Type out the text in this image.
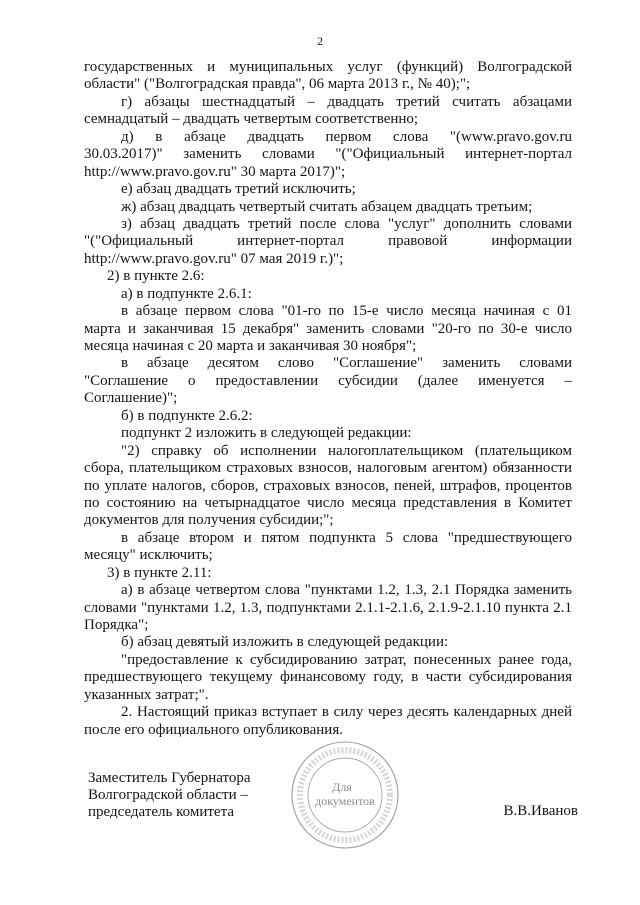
2
государственных и муниципальных услуг (функций) Волгоградской
области" ("Волгоградская правда", 06 марта 2013 г., № 40);";
г) абзацы шестнадцатый – двадцать третий считать абзацами
семнадцатый – двадцать четвертым соответственно;
д) в абзаце двадцать первом слова "(www.pravo.gov.ru
30.03.2017)" заменить словами "("Официальный интернет-портал
http://www.pravo.gov.ru" 30 марта 2017)";
е) абзац двадцать третий исключить;
ж) абзац двадцать четвертый считать абзацем двадцать третьим;
з) абзац двадцать третий после слова "услуг" дополнить словами
"("Официальный интернет-портал правовой информации
http://www.pravo.gov.ru" 07 мая 2019 г.)";
2) в пункте 2.6:
а) в подпункте 2.6.1:
в абзаце первом слова "01-го по 15-е число месяца начиная с 01
марта и заканчивая 15 декабря" заменить словами "20-го по 30-е число
месяца начиная с 20 марта и заканчивая 30 ноября";
в абзаце десятом слово "Соглашение" заменить словами
"Соглашение о предоставлении субсидии (далее именуется –
Соглашение)";
б) в подпункте 2.6.2:
подпункт 2 изложить в следующей редакции:
"2) справку об исполнении налогоплательщиком (плательщиком
сбора, плательщиком страховых взносов, налоговым агентом) обязанности
по уплате налогов, сборов, страховых взносов, пеней, штрафов, процентов
по состоянию на четырнадцатое число месяца представления в Комитет
документов для получения субсидии;";
в абзаце втором и пятом подпункта 5 слова "предшествующего
месяцу" исключить;
3) в пункте 2.11:
а) в абзаце четвертом слова "пунктами 1.2, 1.3, 2.1 Порядка заменить
словами "пунктами 1.2, 1.3, подпунктами 2.1.1-2.1.6, 2.1.9-2.1.10 пункта 2.1
Порядка";
б) абзац девятый изложить в следующей редакции:
"предоставление к субсидированию затрат, понесенных ранее года,
предшествующего текущему финансовому году, в части субсидирования
указанных затрат;".
2. Настоящий приказ вступает в силу через десять календарных дней
после его официального опубликования.
Заместитель Губернатора
Волгоградской области –
председатель комитета
Для
документов
В.В.Иванов
